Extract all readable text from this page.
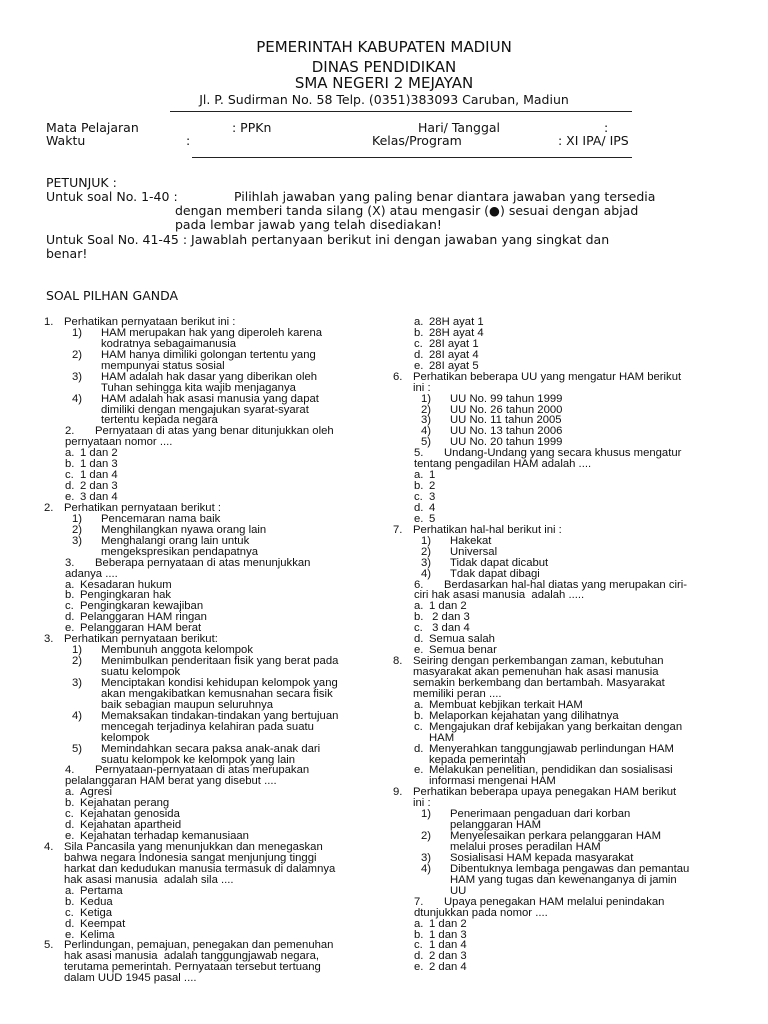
PEMERINTAH KABUPATEN MADIUN
DINAS PENDIDIKAN
SMA NEGERI 2 MEJAYAN
Jl. P. Sudirman No. 58 Telp. (0351)383093 Caruban, Madiun
Mata Pelajaran	: PPKn	Hari/ Tanggal	:
Waktu	:	Kelas/Program	: XI IPA/ IPS
PETUNJUK :
Untuk soal No. 1-40 :	Pilihlah jawaban yang paling benar diantara jawaban yang tersedia
dengan memberi tanda silang (X) atau mengasir (●) sesuai dengan abjad
pada lembar jawab yang telah disediakan!
Untuk Soal No. 41-45 : Jawablah pertanyaan berikut ini dengan jawaban yang singkat dan
benar!
SOAL PILHAN GANDA
1. Perhatikan pernyataan berikut ini :
1) HAM merupakan hak yang diperoleh karena
kodratnya sebagaimanusia
2) HAM hanya dimiliki golongan tertentu yang
mempunyai status sosial
3) HAM adalah hak dasar yang diberikan oleh
Tuhan sehingga kita wajib menjaganya
4) HAM adalah hak asasi manusia yang dapat
dimiliki dengan mengajukan syarat-syarat
tertentu kepada negara
2. Pernyataan di atas yang benar ditunjukkan oleh
pernyataan nomor ....
a. 1 dan 2
b. 1 dan 3
c. 1 dan 4
d. 2 dan 3
e. 3 dan 4
2. Perhatikan pernyataan berikut :
1) Pencemaran nama baik
2) Menghilangkan nyawa orang lain
3) Menghalangi orang lain untuk
mengekspresikan pendapatnya
3. Beberapa pernyataan di atas menunjukkan
adanya ....
a. Kesadaran hukum
b. Pengingkaran hak
c. Pengingkaran kewajiban
d. Pelanggaran HAM ringan
e. Pelanggaran HAM berat
3. Perhatikan pernyataan berikut:
1) Membunuh anggota kelompok
2) Menimbulkan penderitaan fisik yang berat pada
suatu kelompok
3) Menciptakan kondisi kehidupan kelompok yang
akan mengakibatkan kemusnahan secara fisik
baik sebagian maupun seluruhnya
4) Memaksakan tindakan-tindakan yang bertujuan
mencegah terjadinya kelahiran pada suatu
kelompok
5) Memindahkan secara paksa anak-anak dari
suatu kelompok ke kelompok yang lain
4. Pernyataan-pernyataan di atas merupakan
pelalanggaran HAM berat yang disebut ....
a. Agresi
b. Kejahatan perang
c. Kejahatan genosida
d. Kejahatan apartheid
e. Kejahatan terhadap kemanusiaan
4. Sila Pancasila yang menunjukkan dan menegaskan
bahwa negara Indonesia sangat menjunjung tinggi
harkat dan kedudukan manusia termasuk di dalamnya
hak asasi manusia  adalah sila ....
a. Pertama
b. Kedua
c. Ketiga
d. Keempat
e. Kelima
5. Perlindungan, pemajuan, penegakan dan pemenuhan
hak asasi manusia  adalah tanggungjawab negara,
terutama pemerintah. Pernyataan tersebut tertuang
dalam UUD 1945 pasal ....
a. 28H ayat 1
b. 28H ayat 4
c. 28I ayat 1
d. 28I ayat 4
e. 28I ayat 5
6. Perhatikan beberapa UU yang mengatur HAM berikut
ini :
1) UU No. 99 tahun 1999
2) UU No. 26 tahun 2000
3) UU No. 11 tahun 2005
4) UU No. 13 tahun 2006
5) UU No. 20 tahun 1999
5. Undang-Undang yang secara khusus mengatur
tentang pengadilan HAM adalah ....
a. 1
b. 2
c. 3
d. 4
e. 5
7. Perhatikan hal-hal berikut ini :
1) Hakekat
2) Universal
3) Tidak dapat dicabut
4) Tdak dapat dibagi
6. Berdasarkan hal-hal diatas yang merupakan ciri-
ciri hak asasi manusia  adalah .....
a. 1 dan 2
b. 2 dan 3
c. 3 dan 4
d. Semua salah
e. Semua benar
8. Seiring dengan perkembangan zaman, kebutuhan
masyarakat akan pemenuhan hak asasi manusia
semakin berkembang dan bertambah. Masyarakat
memiliki peran ....
a. Membuat kebjikan terkait HAM
b. Melaporkan kejahatan yang dilihatnya
c. Mengajukan draf kebijakan yang berkaitan dengan
HAM
d. Menyerahkan tanggungjawab perlindungan HAM
kepada pemerintah
e. Melakukan penelitian, pendidikan dan sosialisasi
informasi mengenai HAM
9. Perhatikan beberapa upaya penegakan HAM berikut
ini :
1) Penerimaan pengaduan dari korban
pelanggaran HAM
2) Menyelesaikan perkara pelanggaran HAM
melalui proses peradilan HAM
3) Sosialisasi HAM kepada masyarakat
4) Dibentuknya lembaga pengawas dan pemantau
HAM yang tugas dan kewenanganya di jamin
UU
7. Upaya penegakan HAM melalui penindakan
dtunjukkan pada nomor ....
a. 1 dan 2
b. 1 dan 3
c. 1 dan 4
d. 2 dan 3
e. 2 dan 4
